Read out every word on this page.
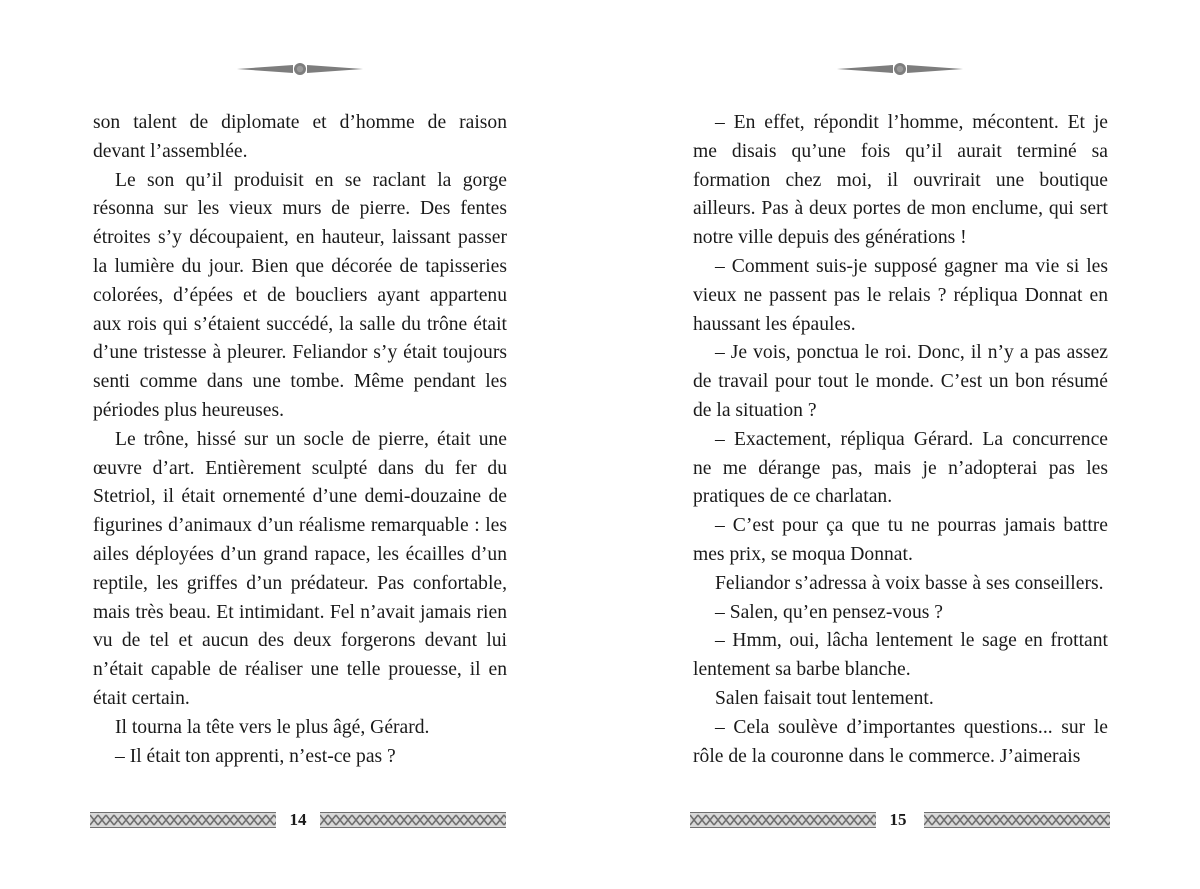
son talent de diplomate et d’homme de raison devant l’assemblée.

Le son qu’il produisit en se raclant la gorge résonna sur les vieux murs de pierre. Des fentes étroites s’y découpaient, en hauteur, laissant passer la lumière du jour. Bien que décorée de tapisseries colorées, d’épées et de boucliers ayant appartenu aux rois qui s’étaient succédé, la salle du trône était d’une tristesse à pleurer. Feliandor s’y était toujours senti comme dans une tombe. Même pendant les périodes plus heureuses.

Le trône, hissé sur un socle de pierre, était une œuvre d’art. Entièrement sculpté dans du fer du Stetriol, il était ornementé d’une demi-douzaine de figurines d’animaux d’un réalisme remarquable : les ailes déployées d’un grand rapace, les écailles d’un reptile, les griffes d’un prédateur. Pas confortable, mais très beau. Et intimidant. Fel n’avait jamais rien vu de tel et aucun des deux forgerons devant lui n’était capable de réaliser une telle prouesse, il en était certain.

Il tourna la tête vers le plus âgé, Gérard.

– Il était ton apprenti, n’est-ce pas ?

14

– En effet, répondit l’homme, mécontent. Et je me disais qu’une fois qu’il aurait terminé sa formation chez moi, il ouvrirait une boutique ailleurs. Pas à deux portes de mon enclume, qui sert notre ville depuis des générations !

– Comment suis-je supposé gagner ma vie si les vieux ne passent pas le relais ? répliqua Donnat en haussant les épaules.

– Je vois, ponctua le roi. Donc, il n’y a pas assez de travail pour tout le monde. C’est un bon résumé de la situation ?

– Exactement, répliqua Gérard. La concurrence ne me dérange pas, mais je n’adopterai pas les pratiques de ce charlatan.

– C’est pour ça que tu ne pourras jamais battre mes prix, se moqua Donnat.

Feliandor s’adressa à voix basse à ses conseillers.

– Salen, qu’en pensez-vous ?

– Hmm, oui, lâcha lentement le sage en frottant lentement sa barbe blanche.

Salen faisait tout lentement.

– Cela soulève d’importantes questions... sur le rôle de la couronne dans le commerce. J’aimerais

15
